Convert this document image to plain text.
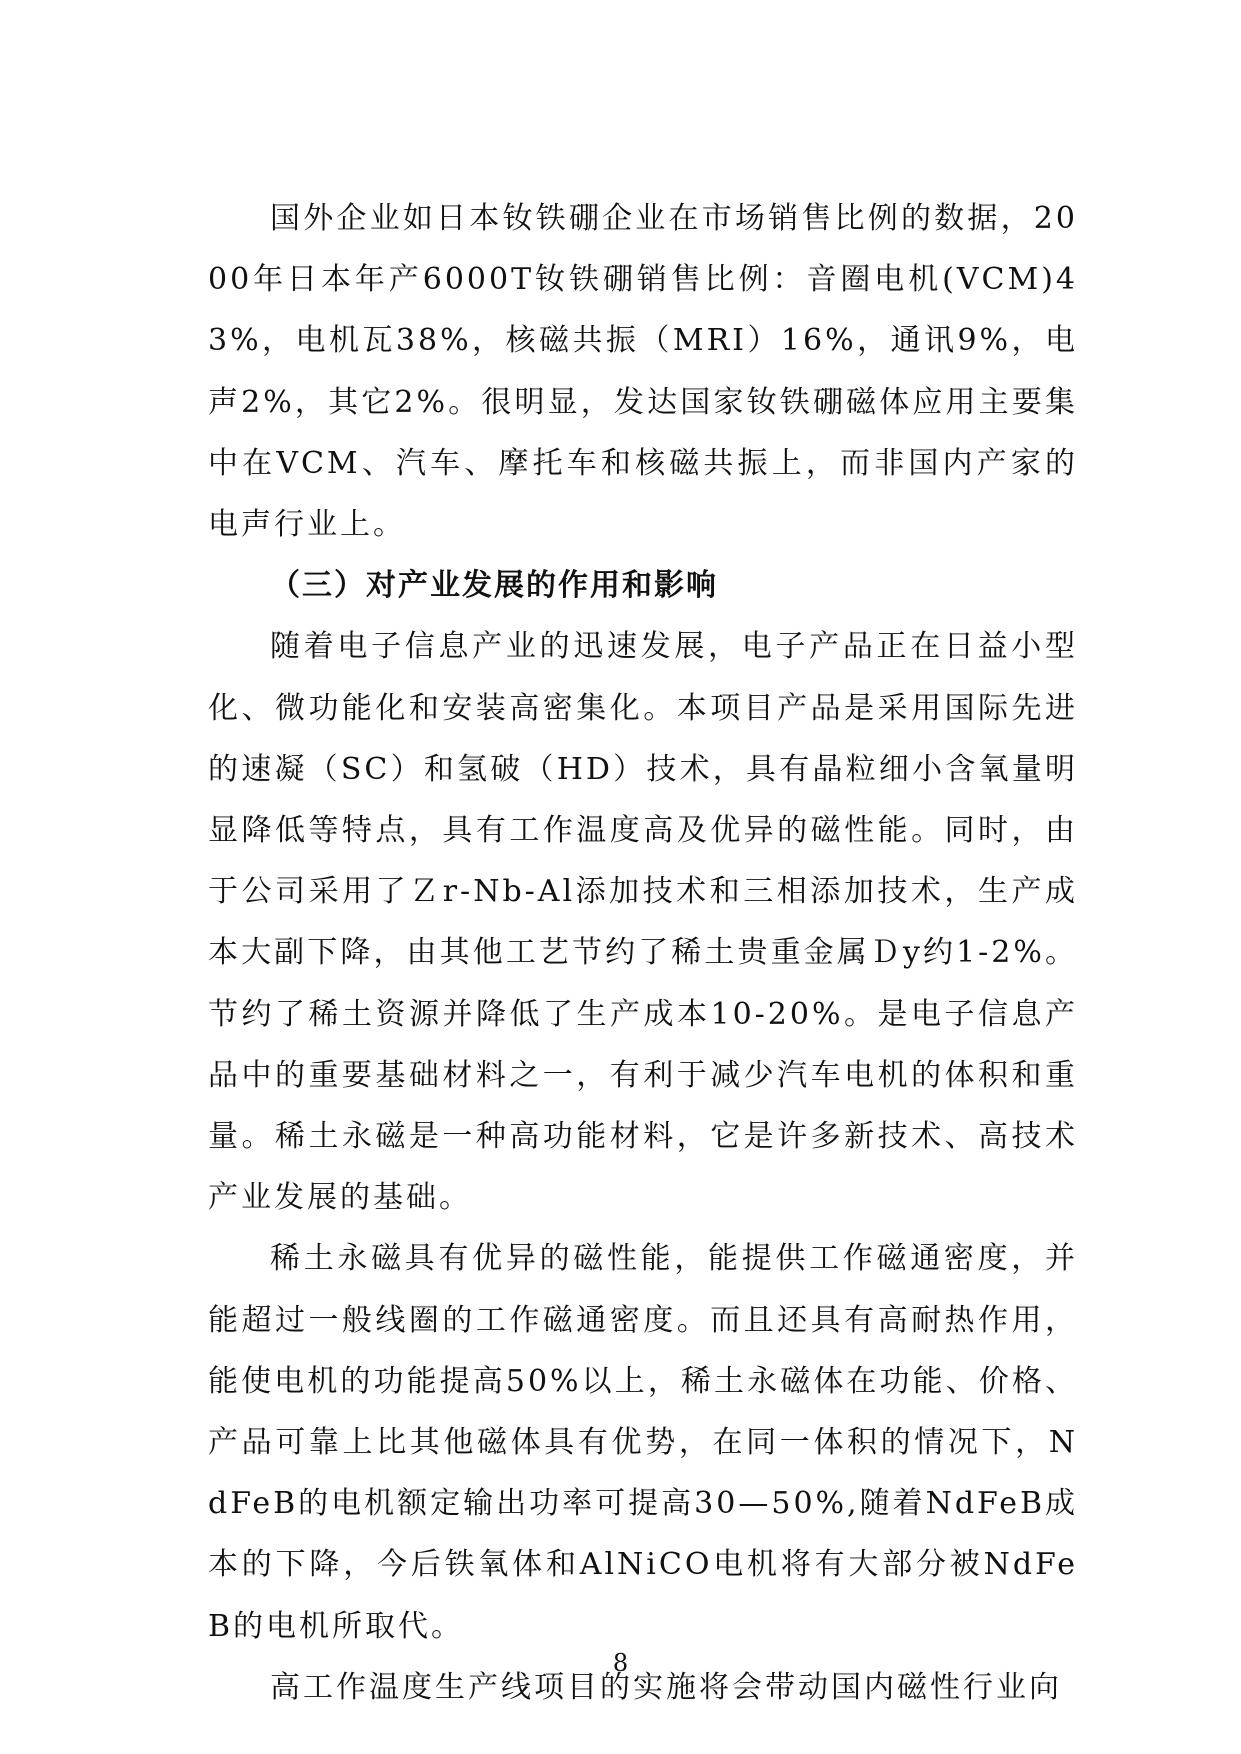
国外企业如日本钕铁硼企业在市场销售比例的数据，2000年日本年产6000T钕铁硼销售比例：音圈电机(VCM)43%，电机瓦38%，核磁共振（MRI）16%，通讯9%，电声2%，其它2%。很明显，发达国家钕铁硼磁体应用主要集中在VCM、汽车、摩托车和核磁共振上，而非国内产家的电声行业上。

（三）对产业发展的作用和影响

随着电子信息产业的迅速发展，电子产品正在日益小型化、微功能化和安装高密集化。本项目产品是采用国际先进的速凝（SC）和氢破（HD）技术，具有晶粒细小含氧量明显降低等特点，具有工作温度高及优异的磁性能。同时，由于公司采用了Ｚr-Nb-Al添加技术和三相添加技术，生产成本大副下降，由其他工艺节约了稀土贵重金属Ｄy约1-2%。节约了稀土资源并降低了生产成本10-20%。是电子信息产品中的重要基础材料之一，有利于减少汽车电机的体积和重量。稀土永磁是一种高功能材料，它是许多新技术、高技术产业发展的基础。

稀土永磁具有优异的磁性能，能提供工作磁通密度，并能超过一般线圈的工作磁通密度。而且还具有高耐热作用，能使电机的功能提高50%以上，稀土永磁体在功能、价格、产品可靠上比其他磁体具有优势，在同一体积的情况下，NdFeB的电机额定输出功率可提高30—50%,随着NdFeB成本的下降，今后铁氧体和AlNiCO电机将有大部分被NdFeB的电机所取代。

高工作温度生产线项目的实施将会带动国内磁性行业向

8
